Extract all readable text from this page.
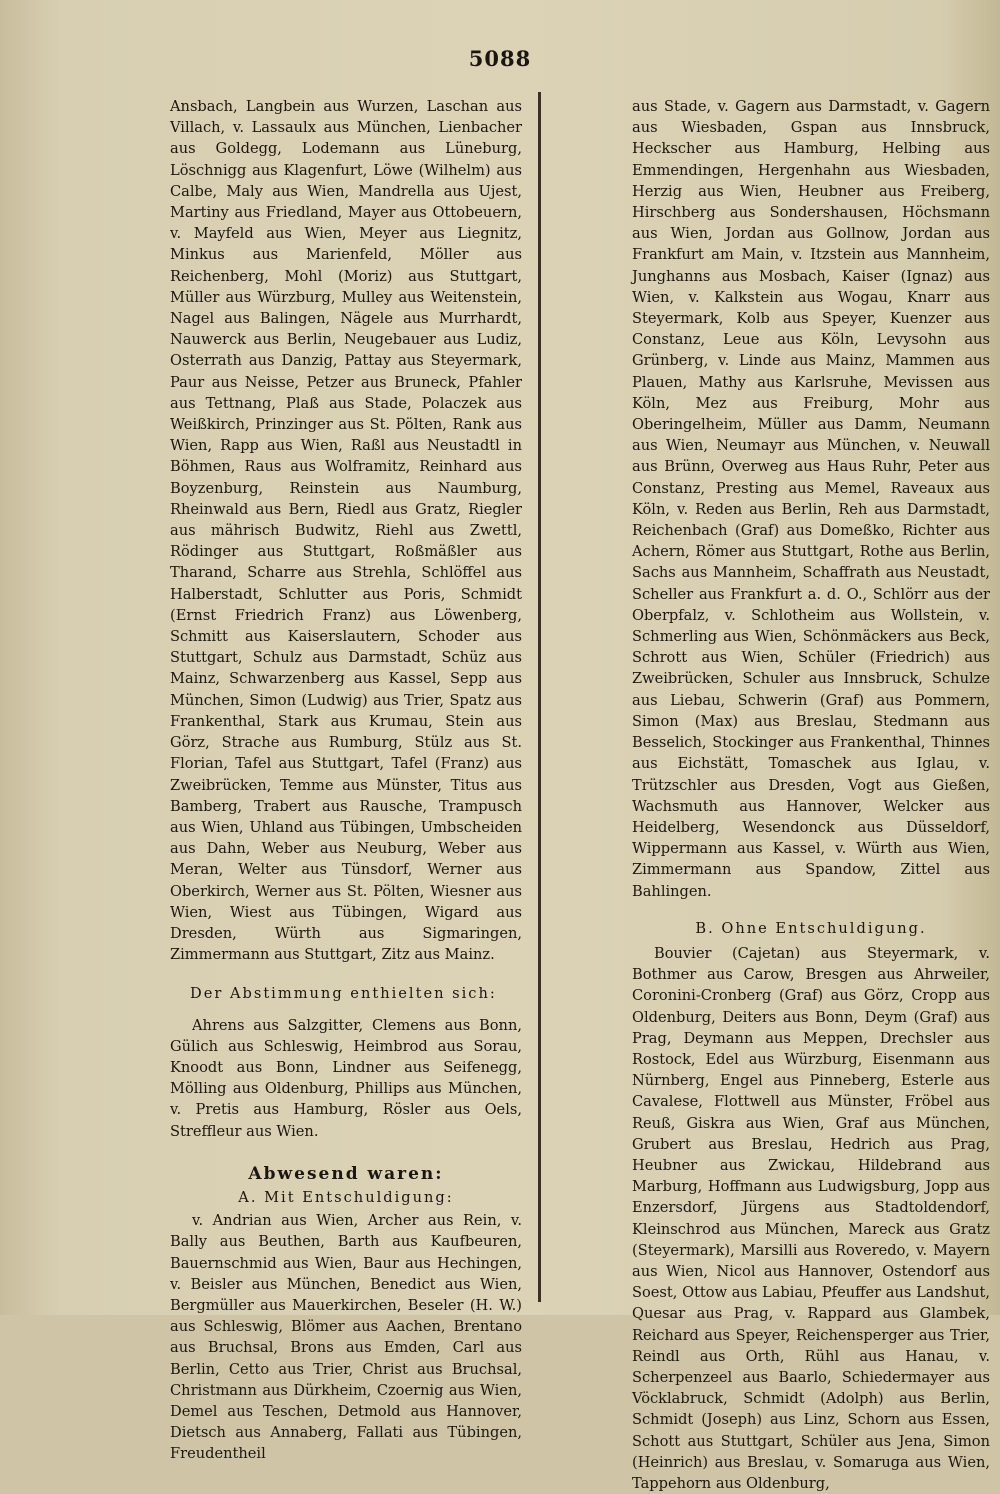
5088

Ansbach, Langbein aus Wurzen, Laschan aus Villach, v. Lassaulx aus München, Lienbacher aus Goldegg, Lodemann aus Lüneburg, Löschnigg aus Klagenfurt, Löwe (Wilhelm) aus Calbe, Maly aus Wien, Mandrella aus Ujest, Martiny aus Friedland, Mayer aus Ottobeuern, v. Mayfeld aus Wien, Meyer aus Liegnitz, Minkus aus Marienfeld, Möller aus Reichenberg, Mohl (Moriz) aus Stuttgart, Müller aus Würzburg, Mulley aus Weitenstein, Nagel aus Balingen, Nägele aus Murrhardt, Nauwerck aus Berlin, Neugebauer aus Ludiz, Osterrath aus Danzig, Pattay aus Steyermark, Paur aus Neisse, Petzer aus Bruneck, Pfahler aus Tettnang, Plaß aus Stade, Polaczek aus Weißkirch, Prinzinger aus St. Pölten, Rank aus Wien, Rapp aus Wien, Raßl aus Neustadtl in Böhmen, Raus aus Wolframitz, Reinhard aus Boyzenburg, Reinstein aus Naumburg, Rheinwald aus Bern, Riedl aus Gratz, Riegler aus mährisch Budwitz, Riehl aus Zwettl, Rödinger aus Stuttgart, Roßmäßler aus Tharand, Scharre aus Strehla, Schlöffel aus Halberstadt, Schlutter aus Poris, Schmidt (Ernst Friedrich Franz) aus Löwenberg, Schmitt aus Kaiserslautern, Schoder aus Stuttgart, Schulz aus Darmstadt, Schüz aus Mainz, Schwarzenberg aus Kassel, Sepp aus München, Simon (Ludwig) aus Trier, Spatz aus Frankenthal, Stark aus Krumau, Stein aus Görz, Strache aus Rumburg, Stülz aus St. Florian, Tafel aus Stuttgart, Tafel (Franz) aus Zweibrücken, Temme aus Münster, Titus aus Bamberg, Trabert aus Rausche, Trampusch aus Wien, Uhland aus Tübingen, Umbscheiden aus Dahn, Weber aus Neuburg, Weber aus Meran, Welter aus Tünsdorf, Werner aus Oberkirch, Werner aus St. Pölten, Wiesner aus Wien, Wiest aus Tübingen, Wigard aus Dresden, Würth aus Sigmaringen, Zimmermann aus Stuttgart, Zitz aus Mainz.

Der Abstimmung enthielten sich:

Ahrens aus Salzgitter, Clemens aus Bonn, Gülich aus Schleswig, Heimbrod aus Sorau, Knoodt aus Bonn, Lindner aus Seifenegg, Mölling aus Oldenburg, Phillips aus München, v. Pretis aus Hamburg, Rösler aus Oels, Streffleur aus Wien.

Abwesend waren:
A. Mit Entschuldigung:

v. Andrian aus Wien, Archer aus Rein, v. Bally aus Beuthen, Barth aus Kaufbeuren, Bauernschmid aus Wien, Baur aus Hechingen, v. Beisler aus München, Benedict aus Wien, Bergmüller aus Mauerkirchen, Beseler (H. W.) aus Schleswig, Blömer aus Aachen, Brentano aus Bruchsal, Brons aus Emden, Carl aus Berlin, Cetto aus Trier, Christ aus Bruchsal, Christmann aus Dürkheim, Czoernig aus Wien, Demel aus Teschen, Detmold aus Hannover, Dietsch aus Annaberg, Fallati aus Tübingen, Freudentheil

aus Stade, v. Gagern aus Darmstadt, v. Gagern aus Wiesbaden, Gspan aus Innsbruck, Heckscher aus Hamburg, Helbing aus Emmendingen, Hergenhahn aus Wiesbaden, Herzig aus Wien, Heubner aus Freiberg, Hirschberg aus Sondershausen, Höchsmann aus Wien, Jordan aus Gollnow, Jordan aus Frankfurt am Main, v. Itzstein aus Mannheim, Junghanns aus Mosbach, Kaiser (Ignaz) aus Wien, v. Kalkstein aus Wogau, Knarr aus Steyermark, Kolb aus Speyer, Kuenzer aus Constanz, Leue aus Köln, Levysohn aus Grünberg, v. Linde aus Mainz, Mammen aus Plauen, Mathy aus Karlsruhe, Mevissen aus Köln, Mez aus Freiburg, Mohr aus Oberingelheim, Müller aus Damm, Neumann aus Wien, Neumayr aus München, v. Neuwall aus Brünn, Overweg aus Haus Ruhr, Peter aus Constanz, Presting aus Memel, Raveaux aus Köln, v. Reden aus Berlin, Reh aus Darmstadt, Reichenbach (Graf) aus Domeßko, Richter aus Achern, Römer aus Stuttgart, Rothe aus Berlin, Sachs aus Mannheim, Schaffrath aus Neustadt, Scheller aus Frankfurt a. d. O., Schlörr aus der Oberpfalz, v. Schlotheim aus Wollstein, v. Schmerling aus Wien, Schönmäckers aus Beck, Schrott aus Wien, Schüler (Friedrich) aus Zweibrücken, Schuler aus Innsbruck, Schulze aus Liebau, Schwerin (Graf) aus Pommern, Simon (Max) aus Breslau, Stedmann aus Besselich, Stockinger aus Frankenthal, Thinnes aus Eichstätt, Tomaschek aus Iglau, v. Trützschler aus Dresden, Vogt aus Gießen, Wachsmuth aus Hannover, Welcker aus Heidelberg, Wesendonck aus Düsseldorf, Wippermann aus Kassel, v. Würth aus Wien, Zimmermann aus Spandow, Zittel aus Bahlingen.

B. Ohne Entschuldigung.

Bouvier (Cajetan) aus Steyermark, v. Bothmer aus Carow, Bresgen aus Ahrweiler, Coronini-Cronberg (Graf) aus Görz, Cropp aus Oldenburg, Deiters aus Bonn, Deym (Graf) aus Prag, Deymann aus Meppen, Drechsler aus Rostock, Edel aus Würzburg, Eisenmann aus Nürnberg, Engel aus Pinneberg, Esterle aus Cavalese, Flottwell aus Münster, Fröbel aus Reuß, Giskra aus Wien, Graf aus München, Grubert aus Breslau, Hedrich aus Prag, Heubner aus Zwickau, Hildebrand aus Marburg, Hoffmann aus Ludwigsburg, Jopp aus Enzersdorf, Jürgens aus Stadtoldendorf, Kleinschrod aus München, Mareck aus Gratz (Steyermark), Marsilli aus Roveredo, v. Mayern aus Wien, Nicol aus Hannover, Ostendorf aus Soest, Ottow aus Labiau, Pfeuffer aus Landshut, Quesar aus Prag, v. Rappard aus Glambek, Reichard aus Speyer, Reichensperger aus Trier, Reindl aus Orth, Rühl aus Hanau, v. Scherpenzeel aus Baarlo, Schiedermayer aus Vöcklabruck, Schmidt (Adolph) aus Berlin, Schmidt (Joseph) aus Linz, Schorn aus Essen, Schott aus Stuttgart, Schüler aus Jena, Simon (Heinrich) aus Breslau, v. Somaruga aus Wien, Tappehorn aus Oldenburg,
